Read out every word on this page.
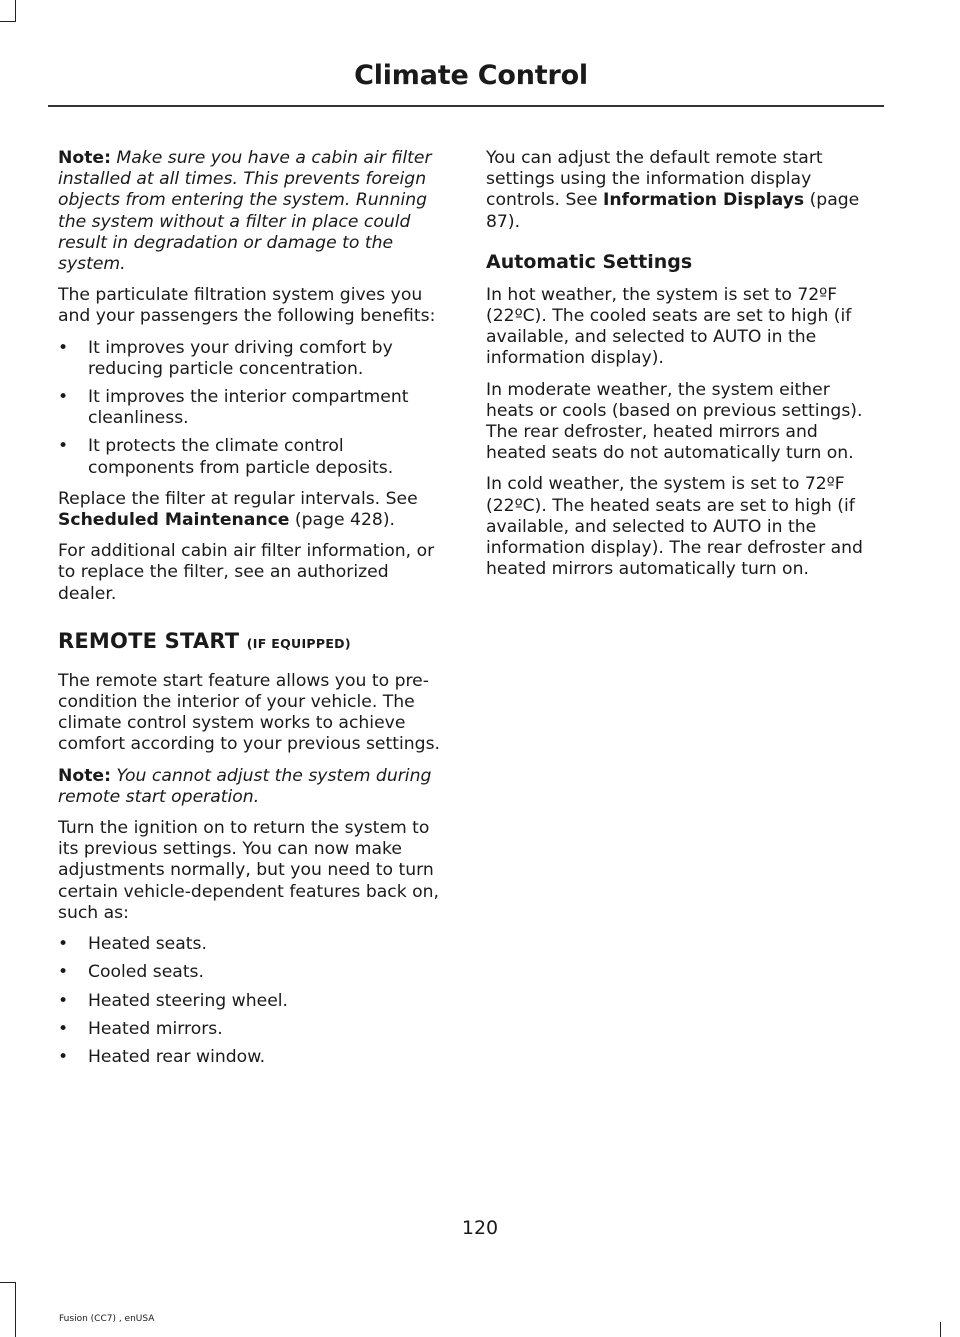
Climate Control

Note: Make sure you have a cabin air filter installed at all times. This prevents foreign objects from entering the system. Running the system without a filter in place could result in degradation or damage to the system.

The particulate filtration system gives you and your passengers the following benefits:

• It improves your driving comfort by reducing particle concentration.
• It improves the interior compartment cleanliness.
• It protects the climate control components from particle deposits.

Replace the filter at regular intervals. See Scheduled Maintenance (page 428).

For additional cabin air filter information, or to replace the filter, see an authorized dealer.

REMOTE START (IF EQUIPPED)

The remote start feature allows you to pre-condition the interior of your vehicle. The climate control system works to achieve comfort according to your previous settings.

Note: You cannot adjust the system during remote start operation.

Turn the ignition on to return the system to its previous settings. You can now make adjustments normally, but you need to turn certain vehicle-dependent features back on, such as:

• Heated seats.
• Cooled seats.
• Heated steering wheel.
• Heated mirrors.
• Heated rear window.

You can adjust the default remote start settings using the information display controls. See Information Displays (page 87).

Automatic Settings

In hot weather, the system is set to 72ºF (22ºC). The cooled seats are set to high (if available, and selected to AUTO in the information display).

In moderate weather, the system either heats or cools (based on previous settings). The rear defroster, heated mirrors and heated seats do not automatically turn on.

In cold weather, the system is set to 72ºF (22ºC). The heated seats are set to high (if available, and selected to AUTO in the information display). The rear defroster and heated mirrors automatically turn on.

120
Fusion (CC7) , enUSA
